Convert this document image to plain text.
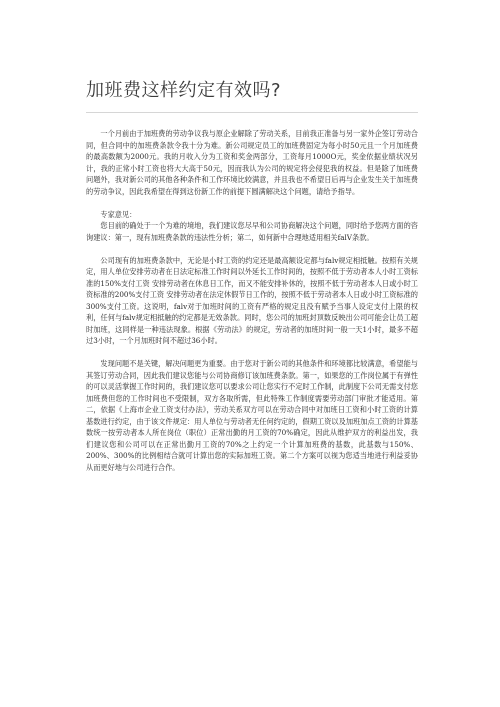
加班费这样约定有效吗?

一个月前由于加班费的劳动争议我与原企业解除了劳动关系，目前我正准备与另一家外企签订劳动合同，但合同中的加班费条款令我十分为难。新公司规定员工的加班费固定为每小时50元且一个月加班费的最高数额为2000元。我的月收入分为工资和奖金两部分，工资每月1000O元，奖金依据业绩状况另计，我的正常小时工资也将大大高于50元，因而我认为公司的规定将会侵犯我的权益。但是除了加班费问题外，我对新公司的其他各种条件和工作环境比较满意，并且我也不希望日后再与企业发生关于加班费的劳动争议，因此我希望在得到这份新工作的前提下圆满解决这个问题，请给予指导。

专家意见：

您目前的确处于一个为难的境地，我们建议您尽早和公司协商解决这个问题，同时给予您两方面的咨询建议：第一，现有加班费条款的违法性分析；第二，如何新中合理地适用相关falV条款。

公司现有的加班费条款中，无论是小时工资的约定还是最高额设定都与falv规定相抵触。按照有关规定，用人单位安排劳动者在日法定标准工作时间以外延长工作时间的，按照不低于劳动者本人小时工资标准的150%支付工资 安排劳动者在休息日工作，而又不能安排补休的，按照不低于劳动者本人日或小时工资标准的200%支付工资 安排劳动者在法定休假节日工作的，按照不低于劳动者本人日或小时工资标准的300%支付工资。这说明，falv对于加班时间的工资有严格的规定且没有赋予当事人设定支付上限的权利，任何与falv规定相抵触的约定都是无效条款。同时，您公司的加班封顶数反映出公司可能会让员工超时加班，这同样是一种违法现象。根据《劳动法》的规定，劳动者的加班时间一般一天1小时，最多不超过3小时，一个月加班时间不超过36小时。

发现问题不是关键，解决问题更为重要。由于您对于新公司的其他条件和环境都比较满意，希望能与其签订劳动合同，因此我们建议您能与公司协商修订该加班费条款。第一，如果您的工作岗位属于有弹性的可以灵活掌握工作时间的，我们建议您可以要求公司让您实行不定时工作制，此制度下公司无需支付您加班费但您的工作时间也不受限制，双方各取所需，但此特殊工作制度需要劳动部门审批才能适用。第二，依据《上海市企业工资支付办法》，劳动关系双方可以在劳动合同中对加班日工资和小时工资的计算基数进行约定，由于该文件规定：用人单位与劳动者无任何约定的，假期工资以及加班加点工资的计算基数统一按劳动者本人所在岗位（职位）正常出勤的月工资的70%确定，因此从维护双方的利益出发，我们建议您和公司可以在正常出勤月工资的70%之上约定一个计算加班费的基数，此基数与150%、200%、300%的比例相结合就可计算出您的实际加班工资。第二个方案可以视为您适当地进行利益妥协从而更好地与公司进行合作。
